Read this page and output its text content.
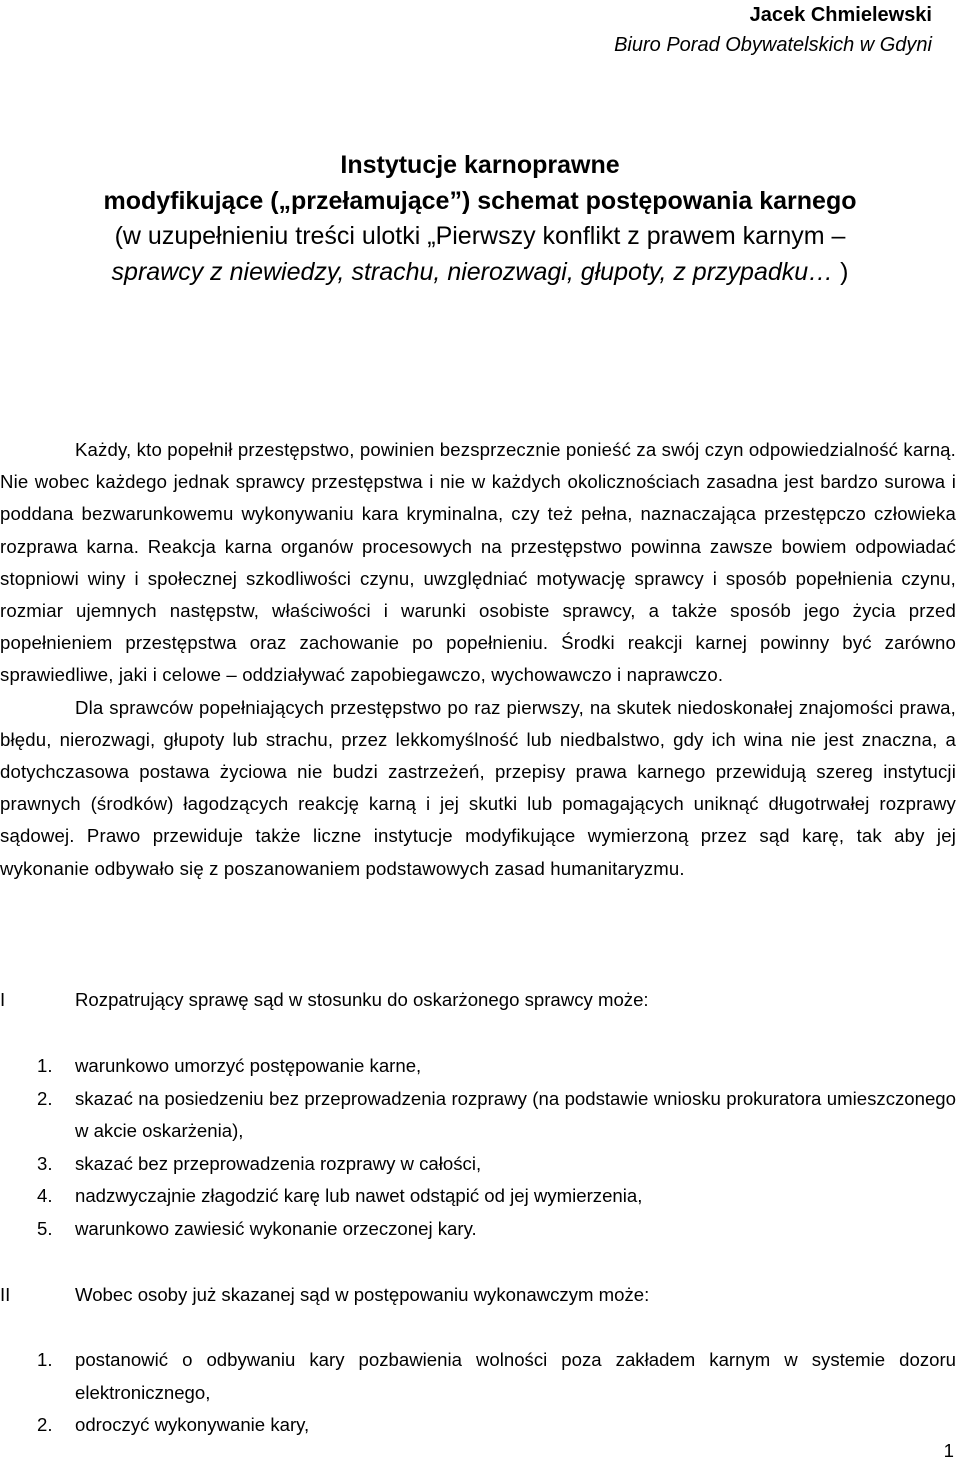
Jacek Chmielewski
Biuro Porad Obywatelskich w Gdyni
Instytucje karnoprawne
modyfikujące („przełamujące”) schemat postępowania karnego
(w uzupełnieniu treści ulotki „Pierwszy konflikt z prawem karnym –
sprawcy z niewiedzy, strachu, nierozwagi, głupoty, z przypadku… )

Każdy, kto popełnił przestępstwo, powinien bezsprzecznie ponieść za swój czyn odpowiedzialność karną. Nie wobec każdego jednak sprawcy przestępstwa i nie w każdych okolicznościach zasadna jest bardzo surowa i poddana bezwarunkowemu wykonywaniu kara kryminalna, czy też pełna, naznaczająca przestępczo człowieka rozprawa karna. Reakcja karna organów procesowych na przestępstwo powinna zawsze bowiem odpowiadać stopniowi winy i społecznej szkodliwości czynu, uwzględniać motywację sprawcy i sposób popełnienia czynu, rozmiar ujemnych następstw, właściwości i warunki osobiste sprawcy, a także sposób jego życia przed popełnieniem przestępstwa oraz zachowanie po popełnieniu. Środki reakcji karnej powinny być zarówno sprawiedliwe, jaki i celowe – oddziaływać zapobiegawczo, wychowawczo i naprawczo.

Dla sprawców popełniających przestępstwo po raz pierwszy, na skutek niedoskonałej znajomości prawa, błędu, nierozwagi, głupoty lub strachu, przez lekkomyślność lub niedbalstwo, gdy ich wina nie jest znaczna, a dotychczasowa postawa życiowa nie budzi zastrzeżeń, przepisy prawa karnego przewidują szereg instytucji prawnych (środków) łagodzących reakcję karną i jej skutki lub pomagających uniknąć długotrwałej rozprawy sądowej. Prawo przewiduje także liczne instytucje modyfikujące wymierzoną przez sąd karę, tak aby jej wykonanie odbywało się z poszanowaniem podstawowych zasad humanitaryzmu.

I	Rozpatrujący sprawę sąd w stosunku do oskarżonego sprawcy może:
1. warunkowo umorzyć postępowanie karne,
2. skazać na posiedzeniu bez przeprowadzenia rozprawy (na podstawie wniosku prokuratora umieszczonego w akcie oskarżenia),
3. skazać bez przeprowadzenia rozprawy w całości,
4. nadzwyczajnie złagodzić karę lub nawet odstąpić od jej wymierzenia,
5. warunkowo zawiesić wykonanie orzeczonej kary.
II	Wobec osoby już skazanej sąd w postępowaniu wykonawczym może:
1. postanowić o odbywaniu kary pozbawienia wolności poza zakładem karnym w systemie dozoru elektronicznego,
2. odroczyć wykonywanie kary,
1
